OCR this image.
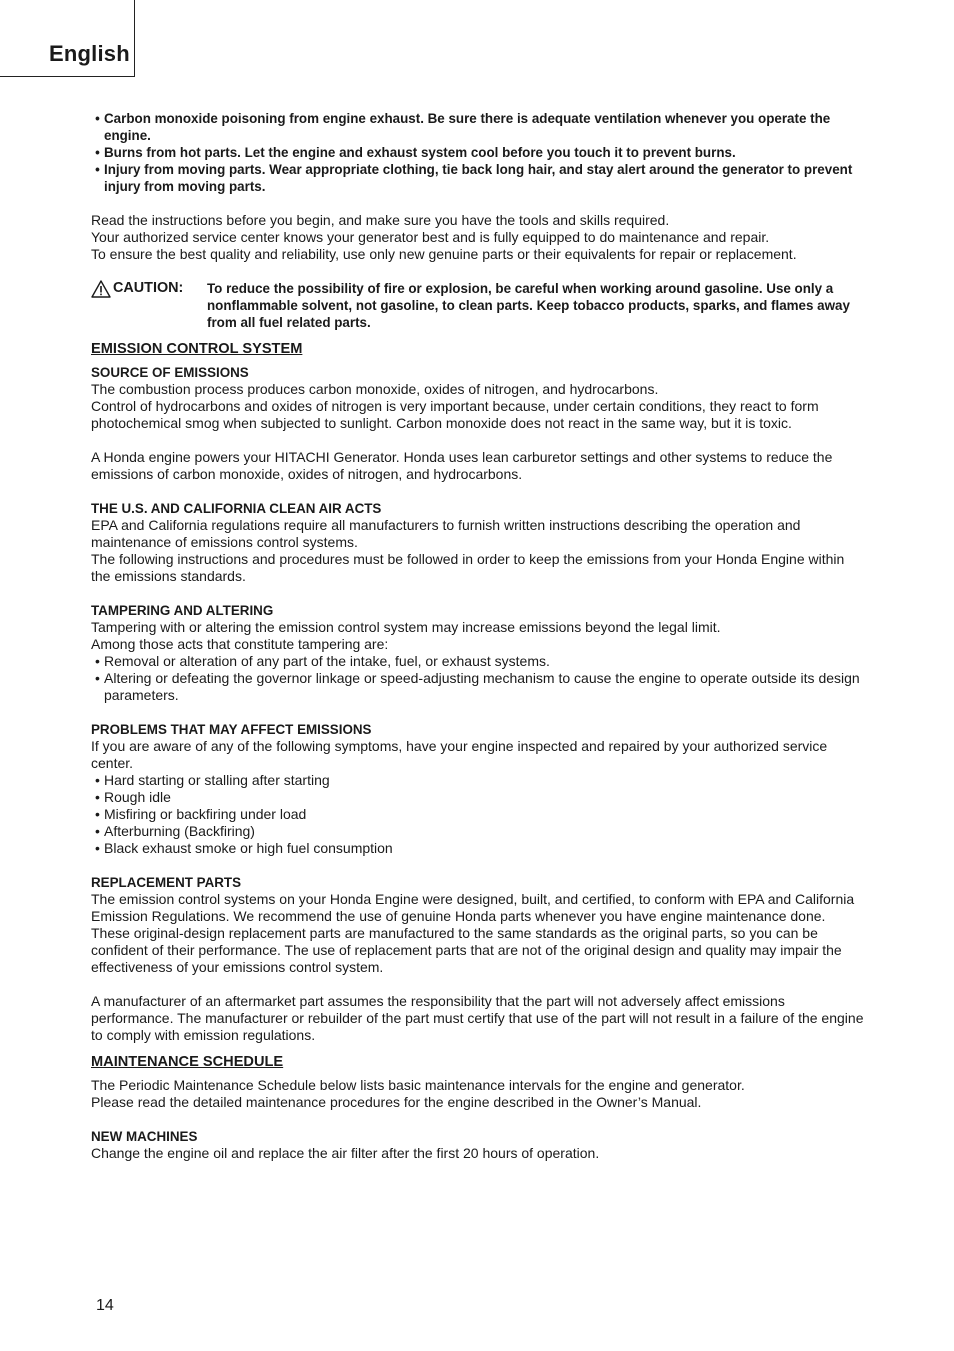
English

• Carbon monoxide poisoning from engine exhaust. Be sure there is adequate ventilation whenever you operate the engine.

• Burns from hot parts. Let the engine and exhaust system cool before you touch it to prevent burns.

• Injury from moving parts. Wear appropriate clothing, tie back long hair, and stay alert around the generator to prevent injury from moving parts.

Read the instructions before you begin, and make sure you have the tools and skills required.

Your authorized service center knows your generator best and is fully equipped to do maintenance and repair.

To ensure the best quality and reliability, use only new genuine parts or their equivalents for repair or replacement.

CAUTION: To reduce the possibility of fire or explosion, be careful when working around gasoline. Use only a nonflammable solvent, not gasoline, to clean parts. Keep tobacco products, sparks, and flames away from all fuel related parts.
EMISSION CONTROL SYSTEM

SOURCE OF EMISSIONS

The combustion process produces carbon monoxide, oxides of nitrogen, and hydrocarbons.

Control of hydrocarbons and oxides of nitrogen is very important because, under certain conditions, they react to form photochemical smog when subjected to sunlight. Carbon monoxide does not react in the same way, but it is toxic.

A Honda engine powers your HITACHI Generator. Honda uses lean carburetor settings and other systems to reduce the emissions of carbon monoxide, oxides of nitrogen, and hydrocarbons.

THE U.S. AND CALIFORNIA CLEAN AIR ACTS

EPA and California regulations require all manufacturers to furnish written instructions describing the operation and maintenance of emissions control systems.

The following instructions and procedures must be followed in order to keep the emissions from your Honda Engine within the emissions standards.

TAMPERING AND ALTERING

Tampering with or altering the emission control system may increase emissions beyond the legal limit.

Among those acts that constitute tampering are:

• Removal or alteration of any part of the intake, fuel, or exhaust systems.

• Altering or defeating the governor linkage or speed-adjusting mechanism to cause the engine to operate outside its design parameters.

PROBLEMS THAT MAY AFFECT EMISSIONS

If you are aware of any of the following symptoms, have your engine inspected and repaired by your authorized service center.

• Hard starting or stalling after starting

• Rough idle

• Misfiring or backfiring under load

• Afterburning (Backfiring)

• Black exhaust smoke or high fuel consumption

REPLACEMENT PARTS

The emission control systems on your Honda Engine were designed, built, and certified, to conform with EPA and California Emission Regulations. We recommend the use of genuine Honda parts whenever you have engine maintenance done. These original-design replacement parts are manufactured to the same standards as the original parts, so you can be confident of their performance. The use of replacement parts that are not of the original design and quality may impair the effectiveness of your emissions control system.

A manufacturer of an aftermarket part assumes the responsibility that the part will not adversely affect emissions performance. The manufacturer or rebuilder of the part must certify that use of the part will not result in a failure of the engine to comply with emission regulations.

MAINTENANCE SCHEDULE

The Periodic Maintenance Schedule below lists basic maintenance intervals for the engine and generator.

Please read the detailed maintenance procedures for the engine described in the Owner’s Manual.

NEW MACHINES

Change the engine oil and replace the air filter after the first 20 hours of operation.

14
